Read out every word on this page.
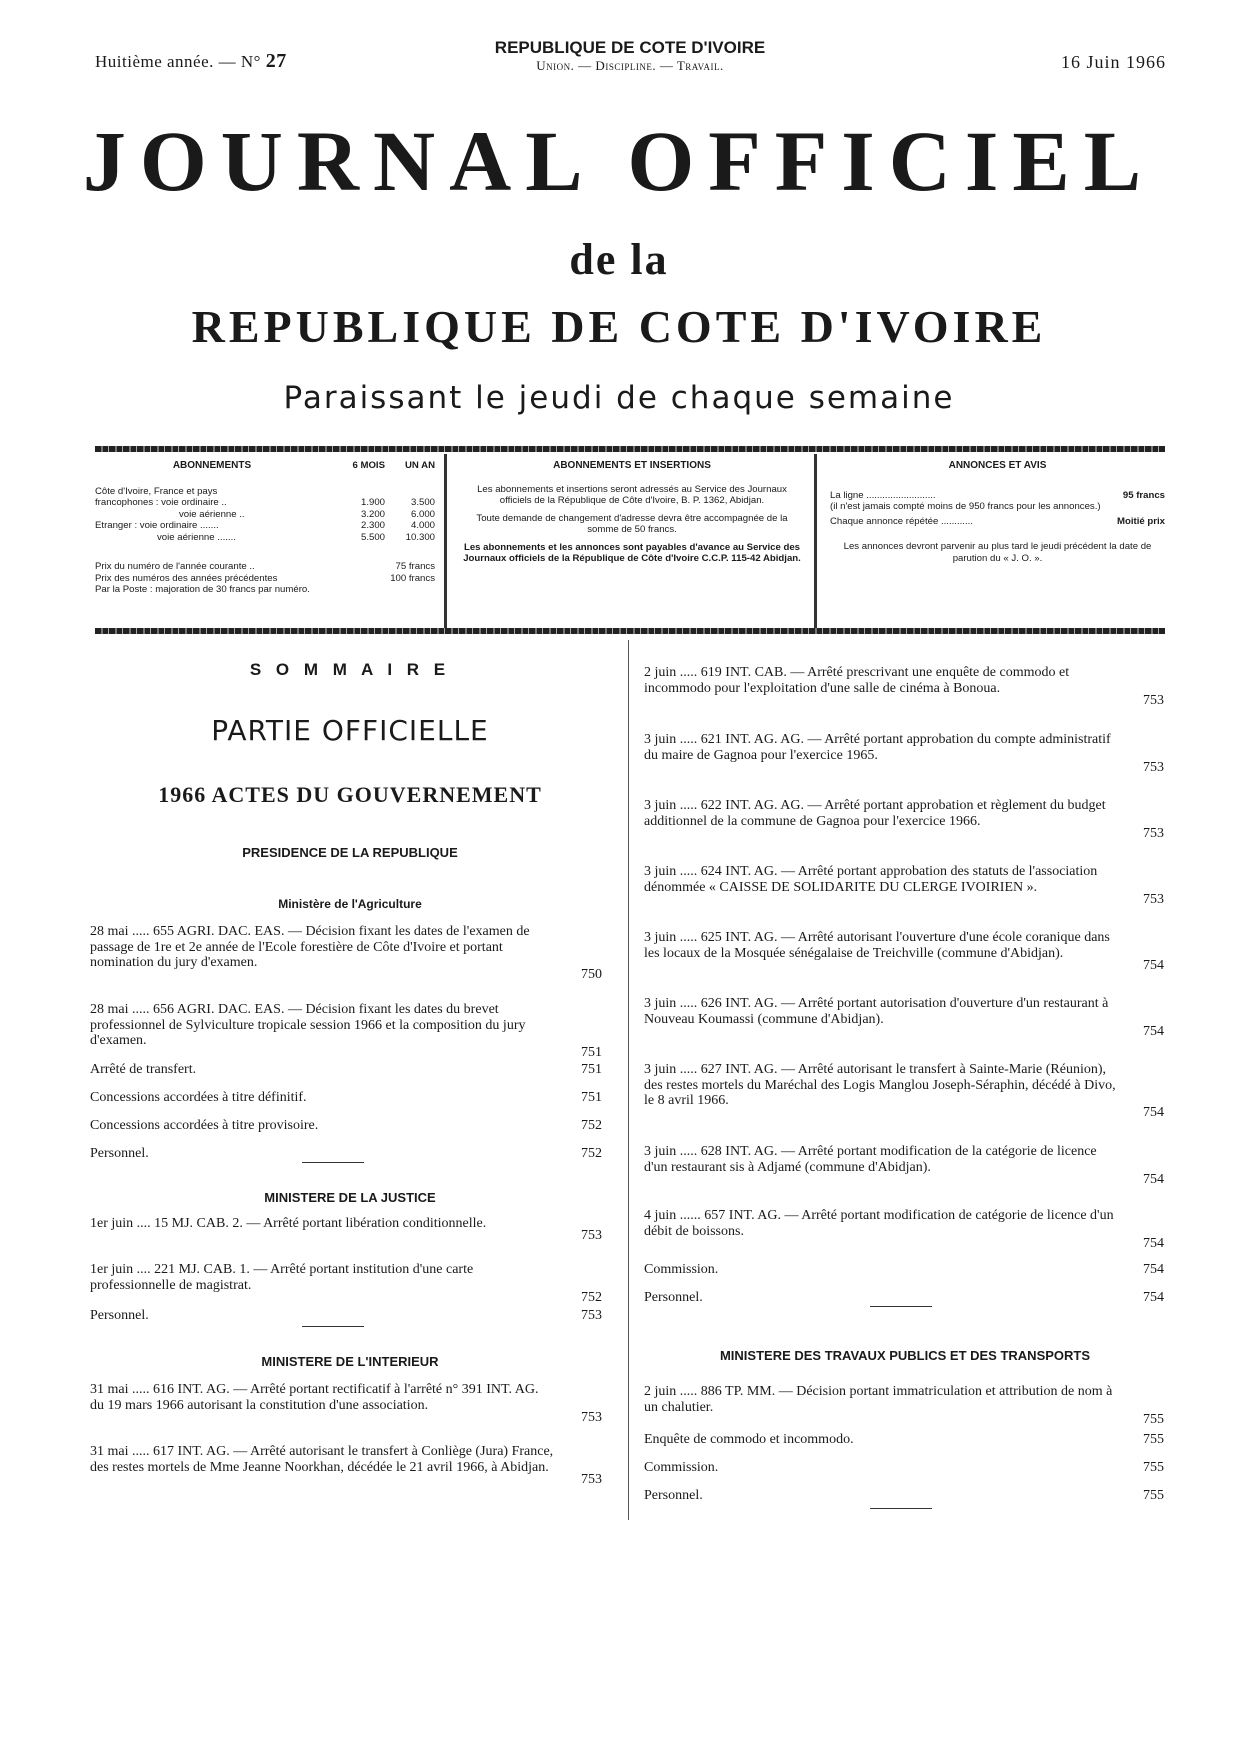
Huitième année. — N° 27
REPUBLIQUE DE COTE D'IVOIRE
Union. — Discipline. — Travail.	16 Juin 1966
JOURNAL OFFICIEL
de la
REPUBLIQUE DE COTE D'IVOIRE
Paraissant le jeudi de chaque semaine
ABONNEMENTS	6 MOIS	UN AN
Côte d'Ivoire, France et pays
francophones : voie ordinaire ..	1.900	3.500
voie aérienne ..	3.200	6.000
Etranger : voie ordinaire .......	2.300	4.000
voie aérienne .......	5.500	10.300
Prix du numéro de l'année courante ..	75 francs
Prix des numéros des années précédentes	100 francs
Par la Poste : majoration de 30 francs par numéro.
ABONNEMENTS ET INSERTIONS
Les abonnements et insertions seront adressés au Service des Journaux officiels de la République de Côte d'Ivoire, B. P. 1362, Abidjan.
Toute demande de changement d'adresse devra être accompagnée de la somme de 50 francs.
Les abonnements et les annonces sont payables d'avance au Service des Journaux officiels de la République de Côte d'Ivoire C.C.P. 115-42 Abidjan.
ANNONCES ET AVIS
La ligne ..........................	95 francs
(il n'est jamais compté moins de 950 francs pour les annonces.)
Chaque annonce répétée ............	Moitié prix
Les annonces devront parvenir au plus tard le jeudi précédent la date de parution du « J. O. ».
S O M M A I R E
PARTIE OFFICIELLE
1966 ACTES DU GOUVERNEMENT
PRESIDENCE DE LA REPUBLIQUE
Ministère de l'Agriculture
28 mai ..... 655 AGRI. DAC. EAS. — Décision fixant les dates de l'examen de passage de 1re et 2e année de l'Ecole forestière de Côte d'Ivoire et portant nomination du jury d'examen.
750
28 mai ..... 656 AGRI. DAC. EAS. — Décision fixant les dates du brevet professionnel de Sylviculture tropicale session 1966 et la composition du jury d'examen.
751
Arrêté de transfert.	751
Concessions accordées à titre définitif.	751
Concessions accordées à titre provisoire.	752
Personnel.	752
MINISTERE DE LA JUSTICE
1er juin .... 15 MJ. CAB. 2. — Arrêté portant libération conditionnelle.
753
1er juin .... 221 MJ. CAB. 1. — Arrêté portant institution d'une carte professionnelle de magistrat.
752
Personnel.	753
MINISTERE DE L'INTERIEUR
31 mai ..... 616 INT. AG. — Arrêté portant rectificatif à l'arrêté n° 391 INT. AG. du 19 mars 1966 autorisant la constitution d'une association.
753
31 mai ..... 617 INT. AG. — Arrêté autorisant le transfert à Conliège (Jura) France, des restes mortels de Mme Jeanne Noorkhan, décédée le 21 avril 1966, à Abidjan.
753
2 juin ..... 619 INT. CAB. — Arrêté prescrivant une enquête de commodo et incommodo pour l'exploitation d'une salle de cinéma à Bonoua.
753
3 juin ..... 621 INT. AG. AG. — Arrêté portant approbation du compte administratif du maire de Gagnoa pour l'exercice 1965.
753
3 juin ..... 622 INT. AG. AG. — Arrêté portant approbation et règlement du budget additionnel de la commune de Gagnoa pour l'exercice 1966.
753
3 juin ..... 624 INT. AG. — Arrêté portant approbation des statuts de l'association dénommée « CAISSE DE SOLIDARITE DU CLERGE IVOIRIEN ».
753
3 juin ..... 625 INT. AG. — Arrêté autorisant l'ouverture d'une école coranique dans les locaux de la Mosquée sénégalaise de Treichville (commune d'Abidjan).
754
3 juin ..... 626 INT. AG. — Arrêté portant autorisation d'ouverture d'un restaurant à Nouveau Koumassi (commune d'Abidjan).
754
3 juin ..... 627 INT. AG. — Arrêté autorisant le transfert à Sainte-Marie (Réunion), des restes mortels du Maréchal des Logis Manglou Joseph-Séraphin, décédé à Divo, le 8 avril 1966.
754
3 juin ..... 628 INT. AG. — Arrêté portant modification de la catégorie de licence d'un restaurant sis à Adjamé (commune d'Abidjan).
754
4 juin ...... 657 INT. AG. — Arrêté portant modification de catégorie de licence d'un débit de boissons.
754
Commission.	754
Personnel.	754
MINISTERE DES TRAVAUX PUBLICS ET DES TRANSPORTS
2 juin ..... 886 TP. MM. — Décision portant immatriculation et attribution de nom à un chalutier.
755
Enquête de commodo et incommodo.	755
Commission.	755
Personnel.	755
